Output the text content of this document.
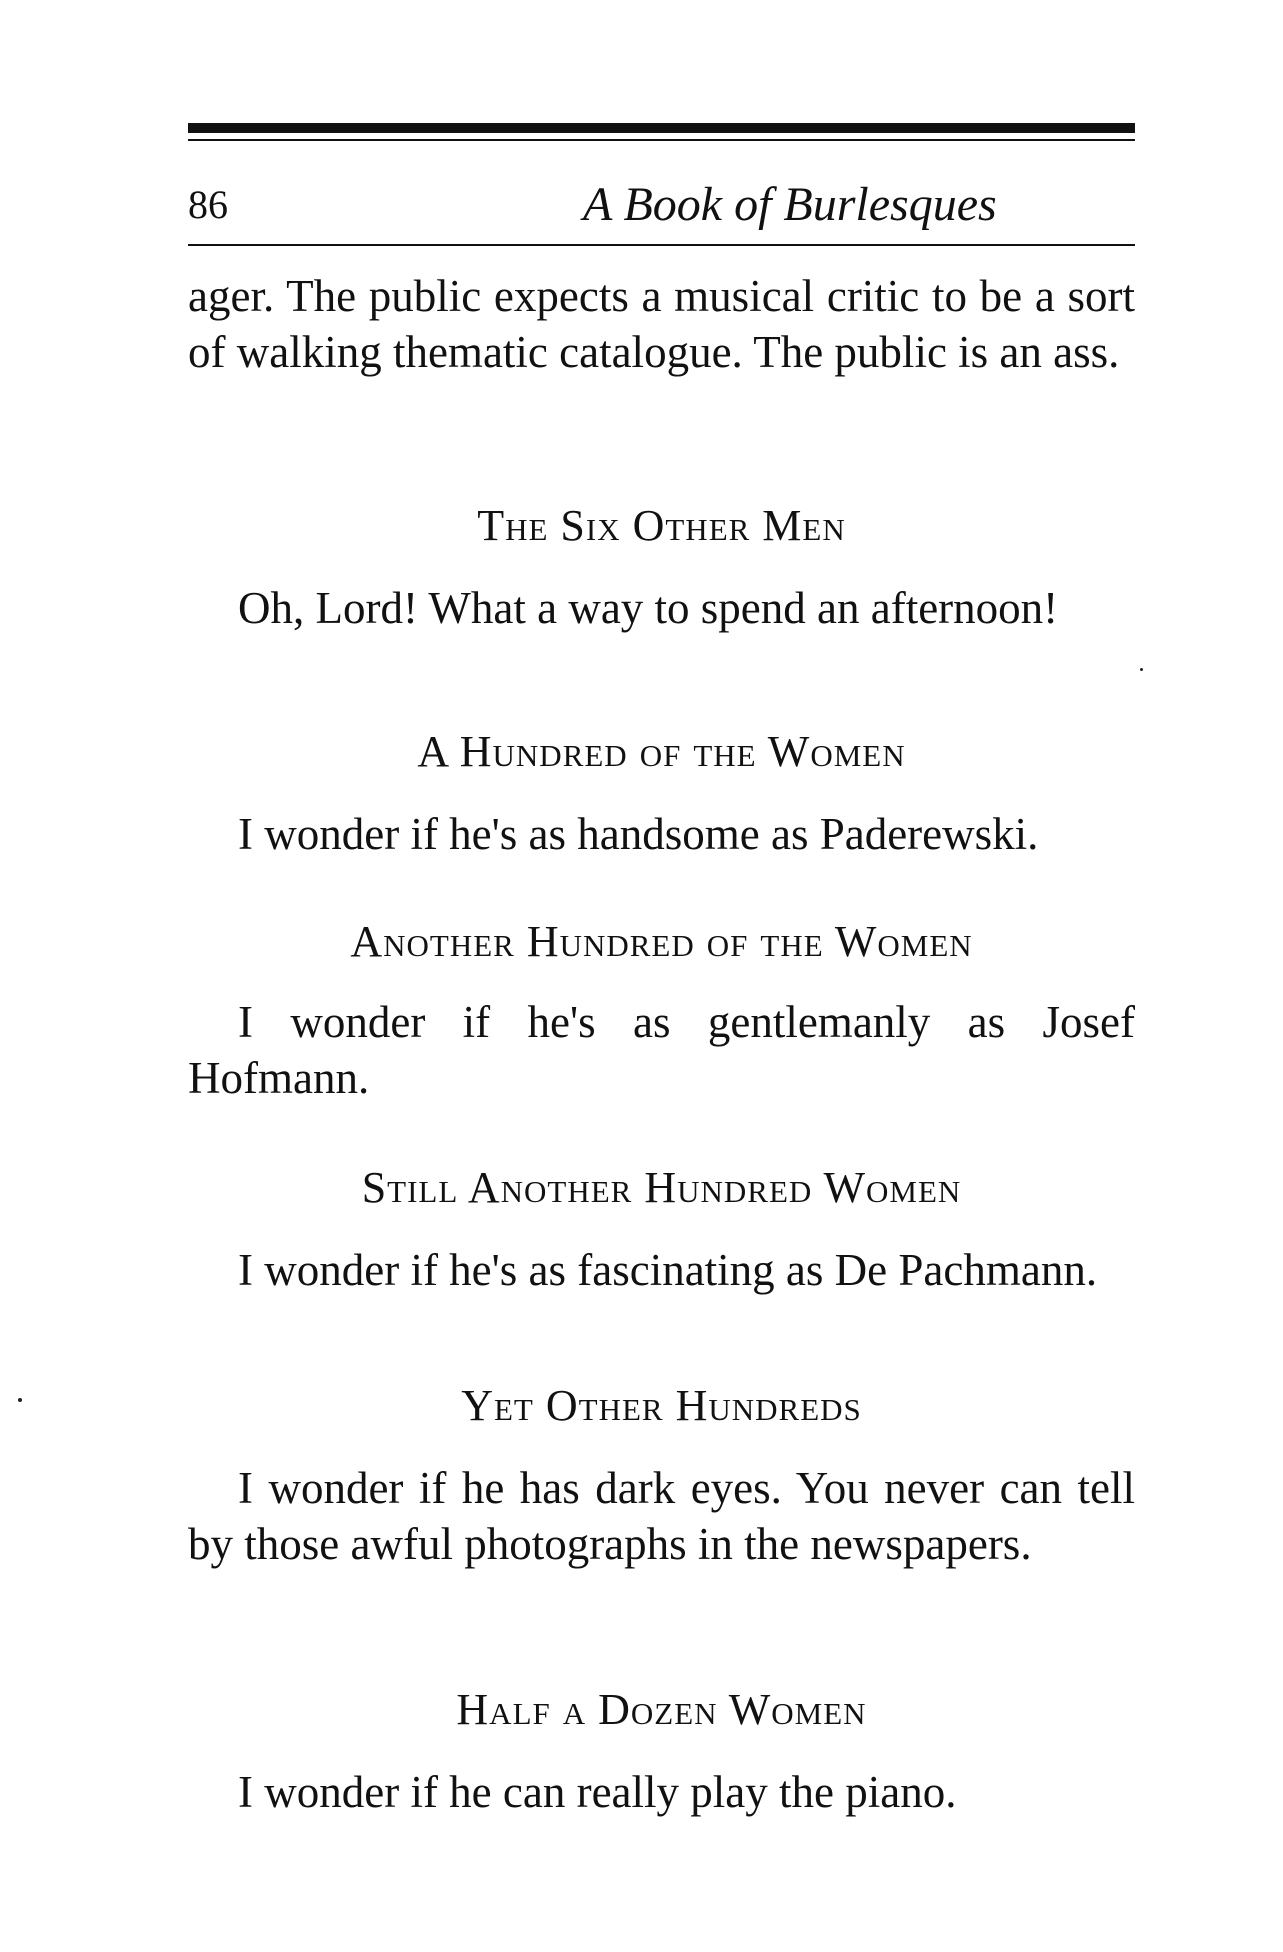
86	A Book of Burlesques

ager. The public expects a musical critic to be a sort of walking thematic catalogue. The public is an ass.

The Six Other Men

Oh, Lord! What a way to spend an afternoon!

A Hundred of the Women

I wonder if he's as handsome as Paderewski.

Another Hundred of the Women

I wonder if he's as gentlemanly as Josef Hofmann.

Still Another Hundred Women

I wonder if he's as fascinating as De Pachmann.

Yet Other Hundreds

I wonder if he has dark eyes. You never can tell by those awful photographs in the newspapers.

Half a Dozen Women

I wonder if he can really play the piano.
